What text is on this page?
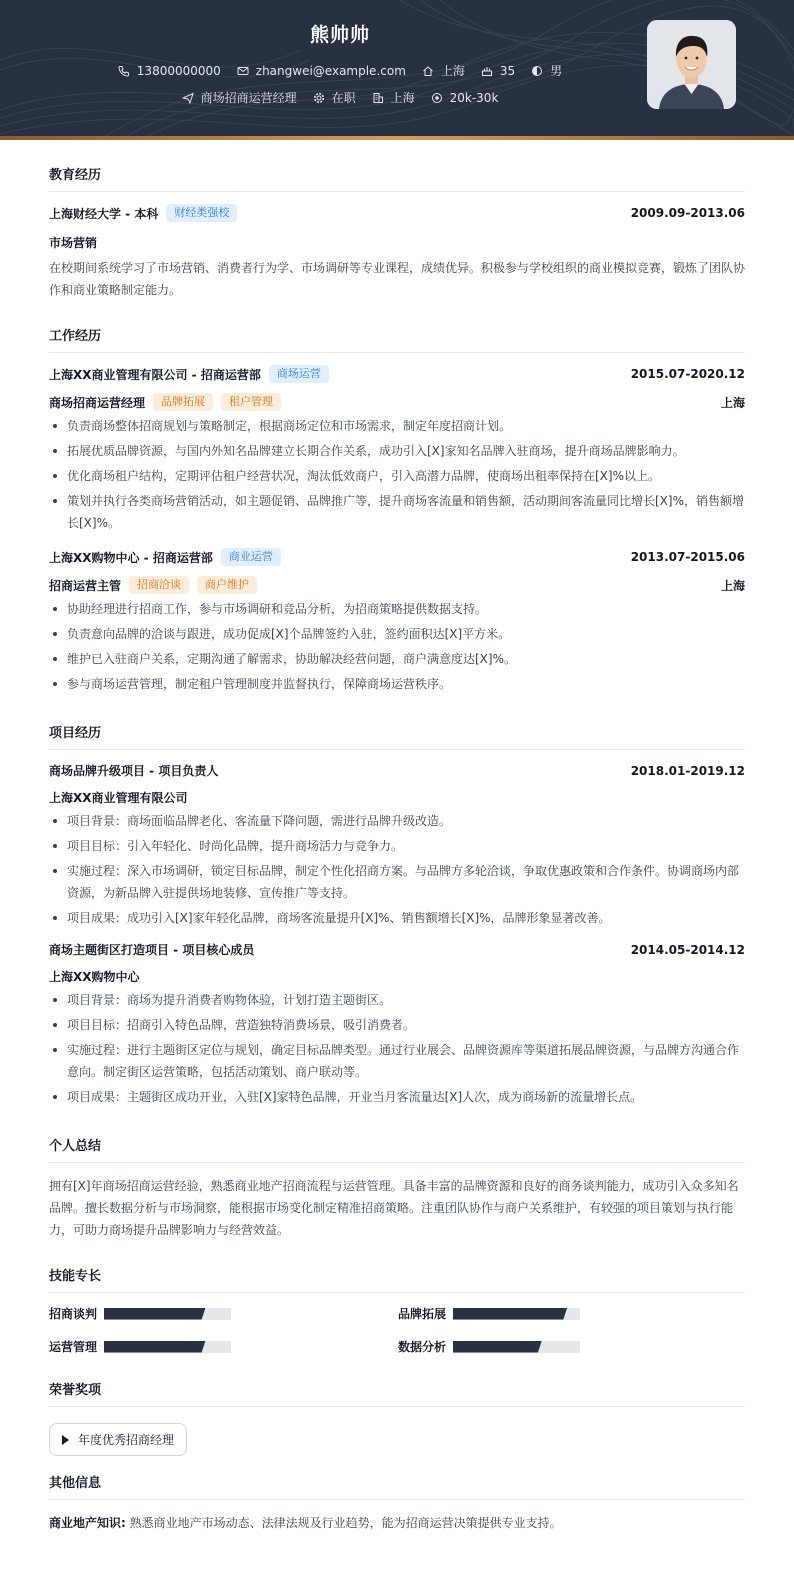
熊帅帅
13800000000	zhangwei@example.com	上海	35	男
商场招商运营经理	在职	上海	20k-30k
教育经历
上海财经大学 - 本科	财经类强校	2009.09-2013.06
市场营销
在校期间系统学习了市场营销、消费者行为学、市场调研等专业课程，成绩优异。积极参与学校组织的商业模拟竞赛，锻炼了团队协作和商业策略制定能力。
工作经历
上海XX商业管理有限公司 - 招商运营部	商场运营	2015.07-2020.12
商场招商运营经理	品牌拓展	租户管理	上海
负责商场整体招商规划与策略制定，根据商场定位和市场需求，制定年度招商计划。
拓展优质品牌资源，与国内外知名品牌建立长期合作关系，成功引入[X]家知名品牌入驻商场，提升商场品牌影响力。
优化商场租户结构，定期评估租户经营状况，淘汰低效商户，引入高潜力品牌，使商场出租率保持在[X]%以上。
策划并执行各类商场营销活动，如主题促销、品牌推广等，提升商场客流量和销售额，活动期间客流量同比增长[X]%，销售额增长[X]%。
上海XX购物中心 - 招商运营部	商业运营	2013.07-2015.06
招商运营主管	招商洽谈	商户维护	上海
协助经理进行招商工作，参与市场调研和竞品分析，为招商策略提供数据支持。
负责意向品牌的洽谈与跟进，成功促成[X]个品牌签约入驻，签约面积达[X]平方米。
维护已入驻商户关系，定期沟通了解需求，协助解决经营问题，商户满意度达[X]%。
参与商场运营管理，制定租户管理制度并监督执行，保障商场运营秩序。
项目经历
商场品牌升级项目 - 项目负责人	2018.01-2019.12
上海XX商业管理有限公司
项目背景：商场面临品牌老化、客流量下降问题，需进行品牌升级改造。
项目目标：引入年轻化、时尚化品牌，提升商场活力与竞争力。
实施过程：深入市场调研，锁定目标品牌，制定个性化招商方案。与品牌方多轮洽谈，争取优惠政策和合作条件。协调商场内部资源，为新品牌入驻提供场地装修、宣传推广等支持。
项目成果：成功引入[X]家年轻化品牌，商场客流量提升[X]%、销售额增长[X]%，品牌形象显著改善。
商场主题街区打造项目 - 项目核心成员	2014.05-2014.12
上海XX购物中心
项目背景：商场为提升消费者购物体验，计划打造主题街区。
项目目标：招商引入特色品牌，营造独特消费场景，吸引消费者。
实施过程：进行主题街区定位与规划，确定目标品牌类型。通过行业展会、品牌资源库等渠道拓展品牌资源，与品牌方沟通合作意向。制定街区运营策略，包括活动策划、商户联动等。
项目成果：主题街区成功开业，入驻[X]家特色品牌，开业当月客流量达[X]人次，成为商场新的流量增长点。
个人总结
拥有[X]年商场招商运营经验，熟悉商业地产招商流程与运营管理。具备丰富的品牌资源和良好的商务谈判能力，成功引入众多知名品牌。擅长数据分析与市场洞察，能根据市场变化制定精准招商策略。注重团队协作与商户关系维护，有较强的项目策划与执行能力，可助力商场提升品牌影响力与经营效益。
技能专长
招商谈判	品牌拓展
运营管理	数据分析
荣誉奖项
年度优秀招商经理
其他信息
商业地产知识: 熟悉商业地产市场动态、法律法规及行业趋势，能为招商运营决策提供专业支持。
